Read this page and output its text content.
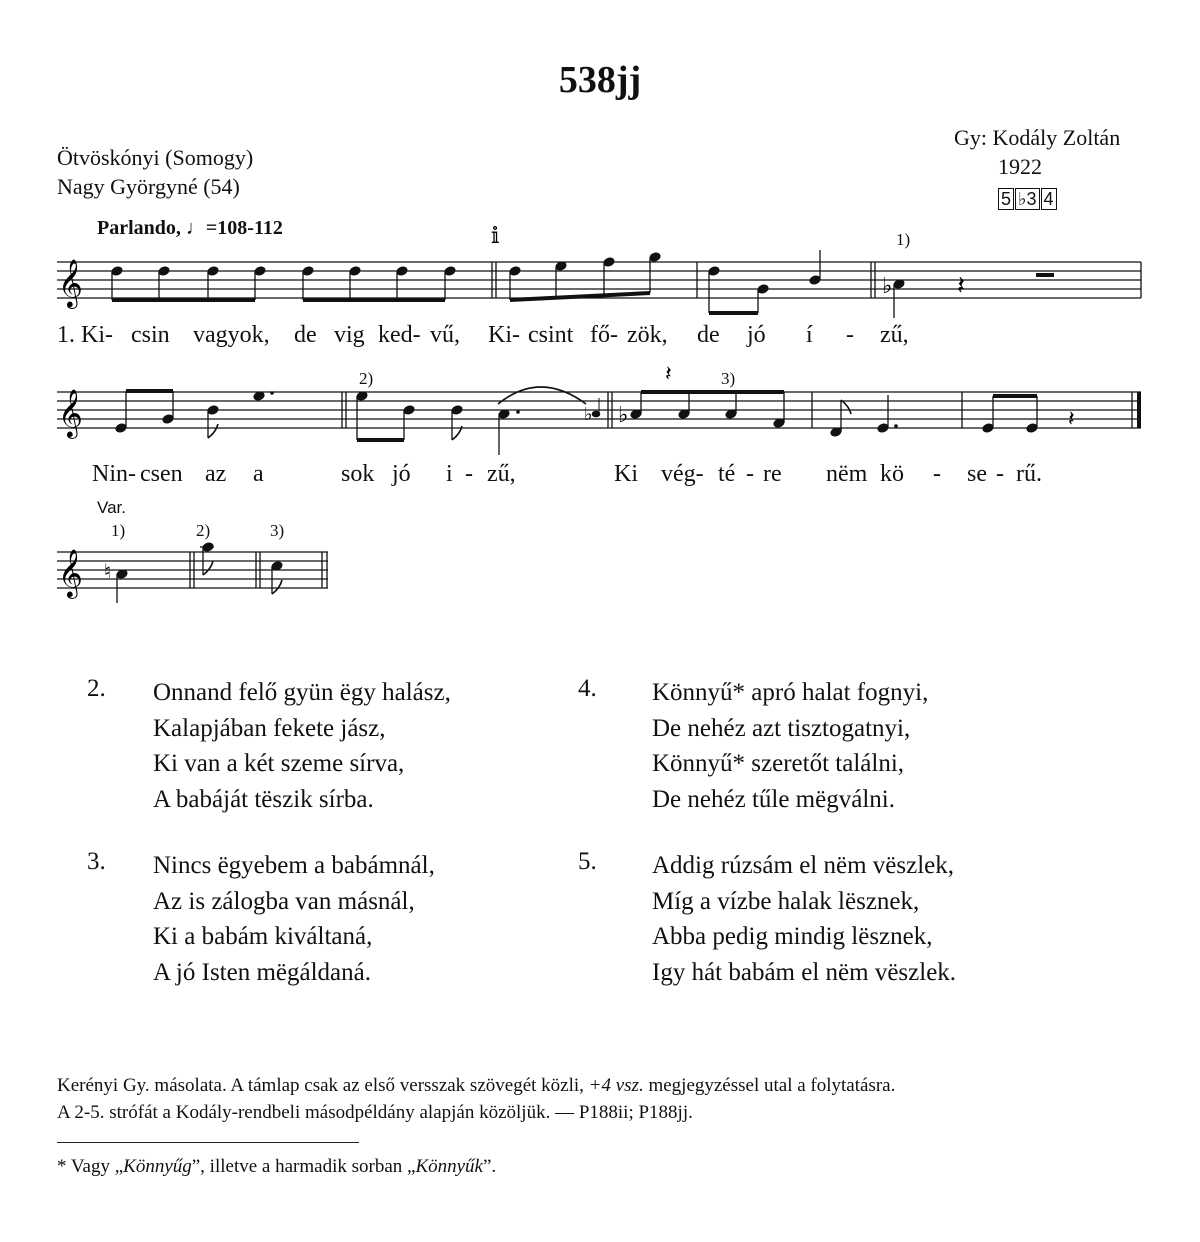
538jj
Ötvöskónyi (Somogy)
Nagy Györgyné (54)
Gy: Kodály Zoltán
1922
5 ♭3 4
Parlando, ♩=108-112
𝄞
𝕚
♭ 𝄽
1)
𝄞	♭
2)
♭
𝄽	3)
𝄽
𝄞 ♮
1)	2)	3)
1. Ki- csin vagyok, de vig ked- vű, Ki- csint fő- zök, de jó í - zű,
Nin- csen az a	sok jó i - zű,	Ki vég- té - re nëm kö - se - rű.
Var.
2. Onnand felő gyün ëgy halász,
Kalapjában fekete jász,
Ki van a két szeme sírva,
A babáját tëszik sírba.
3. Nincs ëgyebem a babámnál,
Az is zálogba van másnál,
Ki a babám kiváltaná,
A jó Isten mëgáldaná.
4. Könnyű* apró halat fognyi,
De nehéz azt tisztogatnyi,
Könnyű* szeretőt találni,
De nehéz tűle mëgválni.
5. Addig rúzsám el nëm vëszlek,
Míg a vízbe halak lësznek,
Abba pedig mindig lësznek,
Igy hát babám el nëm vëszlek.
Kerényi Gy. másolata. A támlap csak az első versszak szövegét közli, +4 vsz. megjegyzéssel utal a folytatásra.
A 2-5. strófát a Kodály-rendbeli másodpéldány alapján közöljük. — P188ii; P188jj.
* Vagy „Könnyűg”, illetve a harmadik sorban „Könnyűk”.
